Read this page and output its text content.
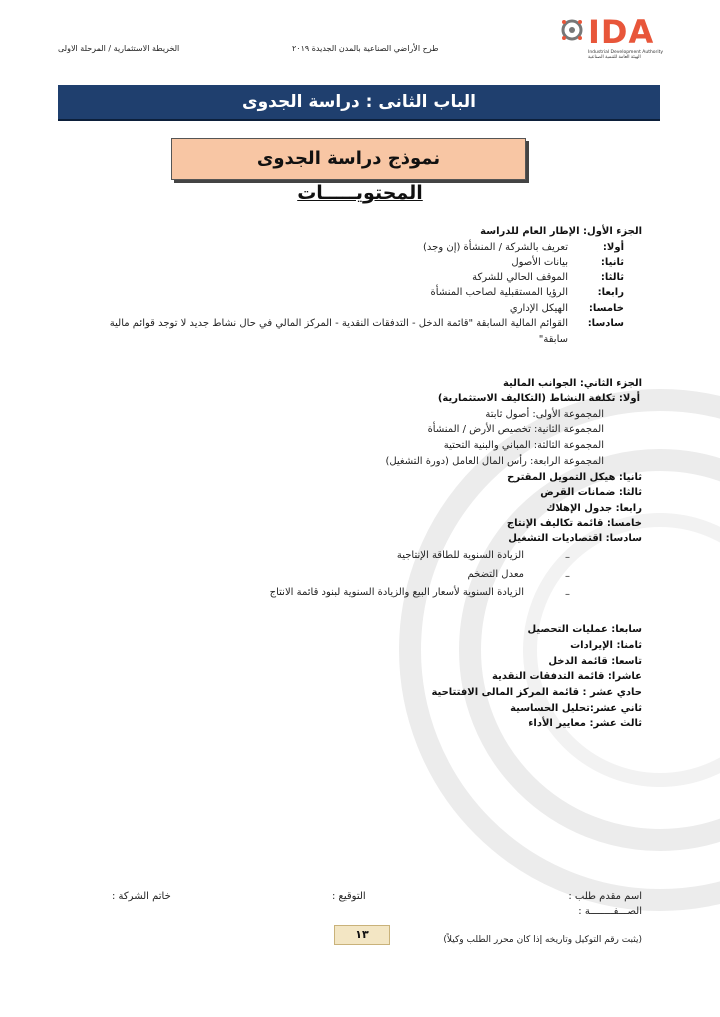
الخريطة الاستثمارية / المرحلة الاولى	طرح الأراضي الصناعية بالمدن الجديدة ٢٠١٩	IDA
Industrial Development Authority
الهيئة العامة للتنمية الصناعية
الباب الثانى : دراسة الجدوى
نموذج دراسة الجدوى
المحتويـــــات
الجزء الأول: الإطار العام للدراسة
أولا:
تعريف بالشركة / المنشأة (إن وجد)
ثانيا:
بيانات الأصول
ثالثا:
الموقف الحالي للشركة
رابعا:
الرؤيا المستقبلية لصاحب المنشأة
خامسا:
الهيكل الإداري
سادسا:
القوائم المالية السابقة "قائمة الدخل - التدفقات النقدية - المركز المالي في حال نشاط جديد لا توجد قوائم مالية سابقة"
الجزء الثاني: الجوانب المالية
أولا: تكلفة النشاط (التكاليف الاستثمارية)
المجموعة الأولى: أصول ثابتة
المجموعة الثانية: تخصيص الأرض / المنشأة
المجموعة الثالثة: المباني والبنية التحتية
المجموعة الرابعة: رأس المال العامل (دورة التشغيل)
ثانيا: هيكل التمويل المقترح
ثالثا: ضمانات القرض
رابعا: جدول الإهلاك
خامسا: قائمة تكاليف الإنتاج
سادسا: اقتصاديات التشغيل
–
الزيادة السنوية للطاقة الإنتاجية
–
معدل التضخم
–
الزيادة السنوية لأسعار البيع والزيادة السنوية لبنود قائمة الانتاج
سابعا: عمليات التحصيل
ثامنا: الإيرادات
تاسعا: قائمة الدخل
عاشرا: قائمة التدفقات النقدية
حادي عشر : قائمة المركز المالى الافتتاحية
ثاني عشر:تحليل الحساسية
ثالث عشر: معايير الأداء
اسم مقدم طلب :
الصـــفــــــــة :
التوقيع :
خاتم الشركة :
١٣	(يثبت رقم التوكيل وتاريخه إذا كان محرر الطلب وكيلاً)
